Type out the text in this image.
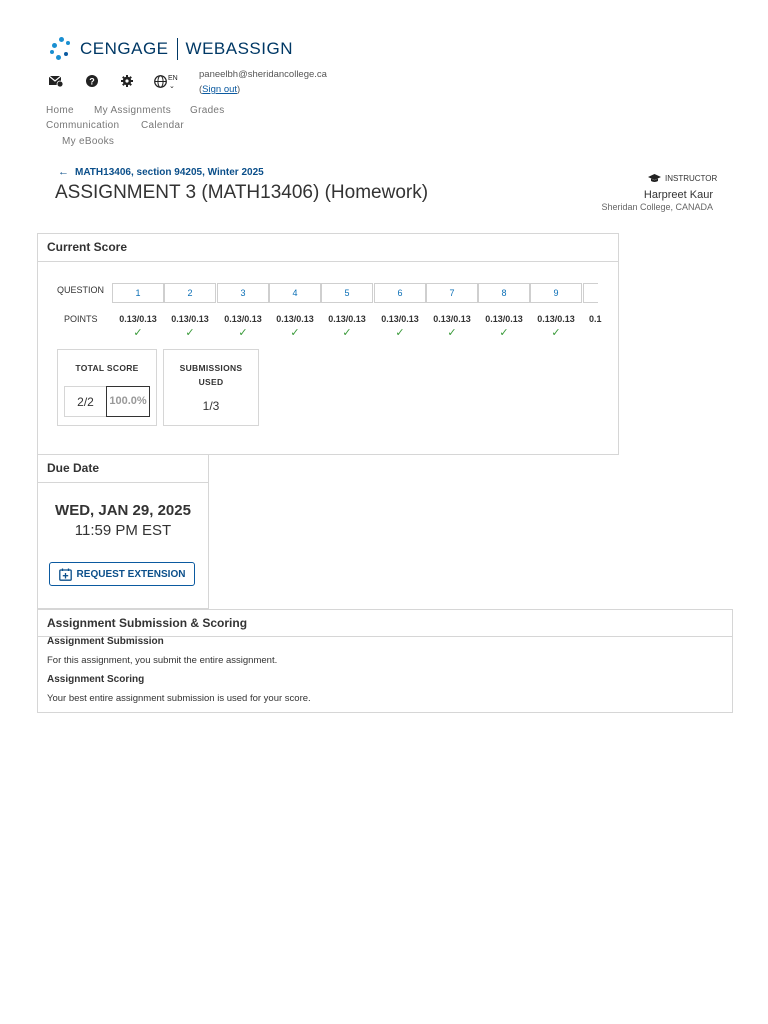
CENGAGE WEBASSIGN
?	EN
⌄
paneelbh@sheridancollege.ca
(Sign out)
Home My Assignments Grades
Communication Calendar
My eBooks
← MATH13406, section 94205, Winter 2025
ASSIGNMENT 3 (MATH13406) (Homework)
INSTRUCTOR
Harpreet Kaur
Sheridan College, CANADA
Current Score
QUESTION
POINTS
1
0.13/0.13
✓
2
0.13/0.13
✓
3
0.13/0.13
✓
4
0.13/0.13
✓
5
0.13/0.13
✓
6
0.13/0.13
✓
7
0.13/0.13
✓
8
0.13/0.13
✓
9
0.13/0.13
✓
0.1
TOTAL SCORE
2/2	100.0%
SUBMISSIONS
USED
1/3
Due Date
WED, JAN 29, 2025
11:59 PM EST
REQUEST EXTENSION
Assignment Submission & Scoring
Assignment Submission
For this assignment, you submit the entire assignment.
Assignment Scoring
Your best entire assignment submission is used for your score.
